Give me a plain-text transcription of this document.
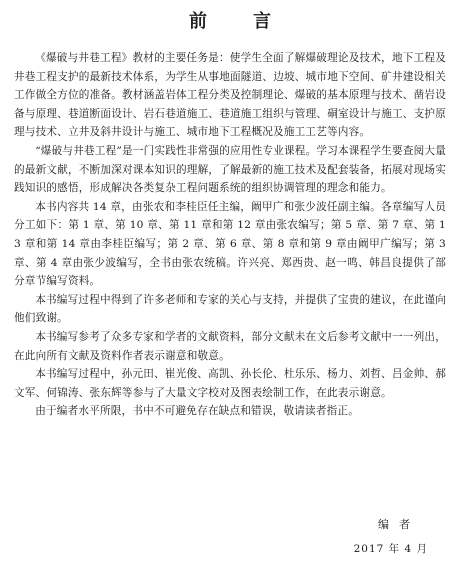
前　言

《爆破与井巷工程》教材的主要任务是：使学生全面了解爆破理论及技术，地下工程及井巷工程支护的最新技术体系，为学生从事地面隧道、边坡、城市地下空间、矿井建设相关工作做全方位的准备。教材涵盖岩体工程分类及控制理论、爆破的基本原理与技术、凿岩设备与原理、巷道断面设计、岩石巷道施工、巷道施工组织与管理、硐室设计与施工、支护原理与技术、立井及斜井设计与施工、城市地下工程概况及施工工艺等内容。

“爆破与井巷工程”是一门实践性非常强的应用性专业课程。学习本课程学生要查阅大量的最新文献，不断加深对课本知识的理解，了解最新的施工技术及配套装备，拓展对现场实践知识的感悟，形成解决各类复杂工程问题系统的组织协调管理的理念和能力。

本书内容共 14 章，由张农和李桂臣任主编，阚甲广和张少波任副主编。各章编写人员分工如下：第 1 章、第 10 章、第 11 章和第 12 章由张农编写；第 5 章、第 7 章、第 13 章和第 14 章由李桂臣编写；第 2 章、第 6 章、第 8 章和第 9 章由阚甲广编写；第 3 章、第 4 章由张少波编写，全书由张农统稿。许兴亮、郑西贵、赵一鸣、韩昌良提供了部分章节编写资料。

本书编写过程中得到了许多老师和专家的关心与支持，并提供了宝贵的建议，在此谨向他们致谢。

本书编写参考了众多专家和学者的文献资料，部分文献未在文后参考文献中一一列出，在此向所有文献及资料作者表示谢意和敬意。

本书编写过程中，孙元田、崔光俊、高凯、孙长伦、杜乐乐、杨力、刘哲、吕金帅、郝文军、何锦涛、张东辉等参与了大量文字校对及图表绘制工作，在此表示谢意。

由于编者水平所限，书中不可避免存在缺点和错误，敬请读者指正。

编者
2017 年 4 月
